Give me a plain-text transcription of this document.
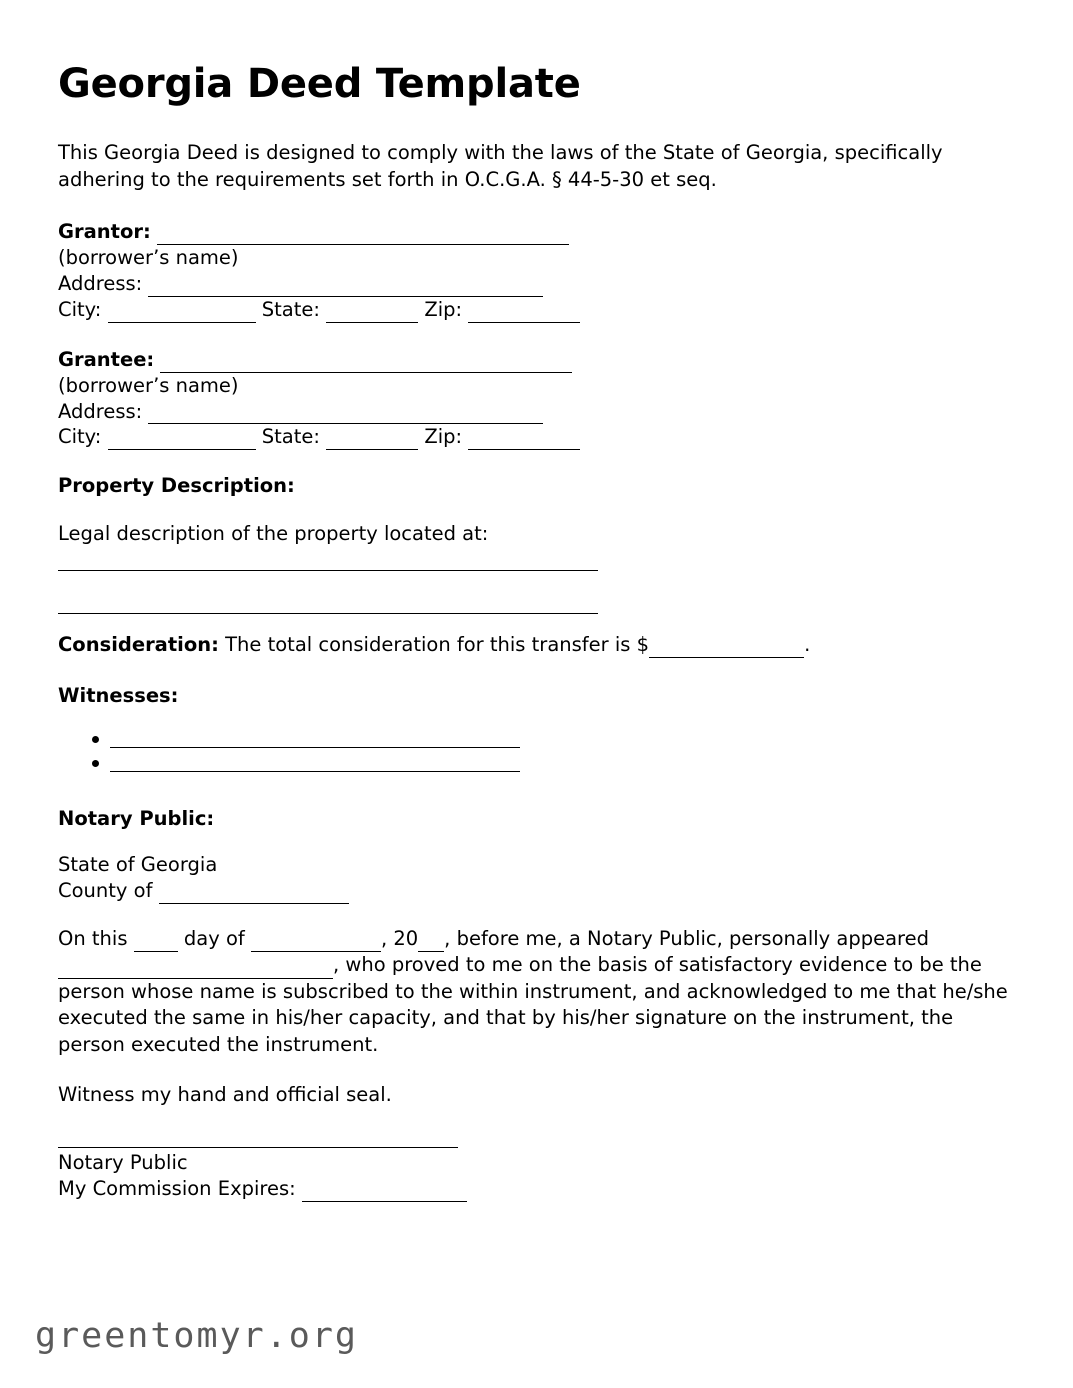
Georgia Deed Template

This Georgia Deed is designed to comply with the laws of the State of Georgia, specifically adhering to the requirements set forth in O.C.G.A. § 44-5-30 et seq.

Grantor:
(borrower’s name)
Address:
City:	State:	Zip:
Grantee:
(borrower’s name)
Address:
City:	State:	Zip:
Property Description:

Legal description of the property located at:

Consideration: The total consideration for this transfer is $	.
Witnesses:
Notary Public:
State of Georgia
County of

On this  day of	, 20 , before me, a Notary Public, personally appeared
, who proved to me on the basis of satisfactory evidence to be the person whose name is subscribed to the within instrument, and acknowledged to me that he/she executed the same in his/her capacity, and that by his/her signature on the instrument, the person executed the instrument.

Witness my hand and official seal.

Notary Public
My Commission Expires:
greentomyr.org
